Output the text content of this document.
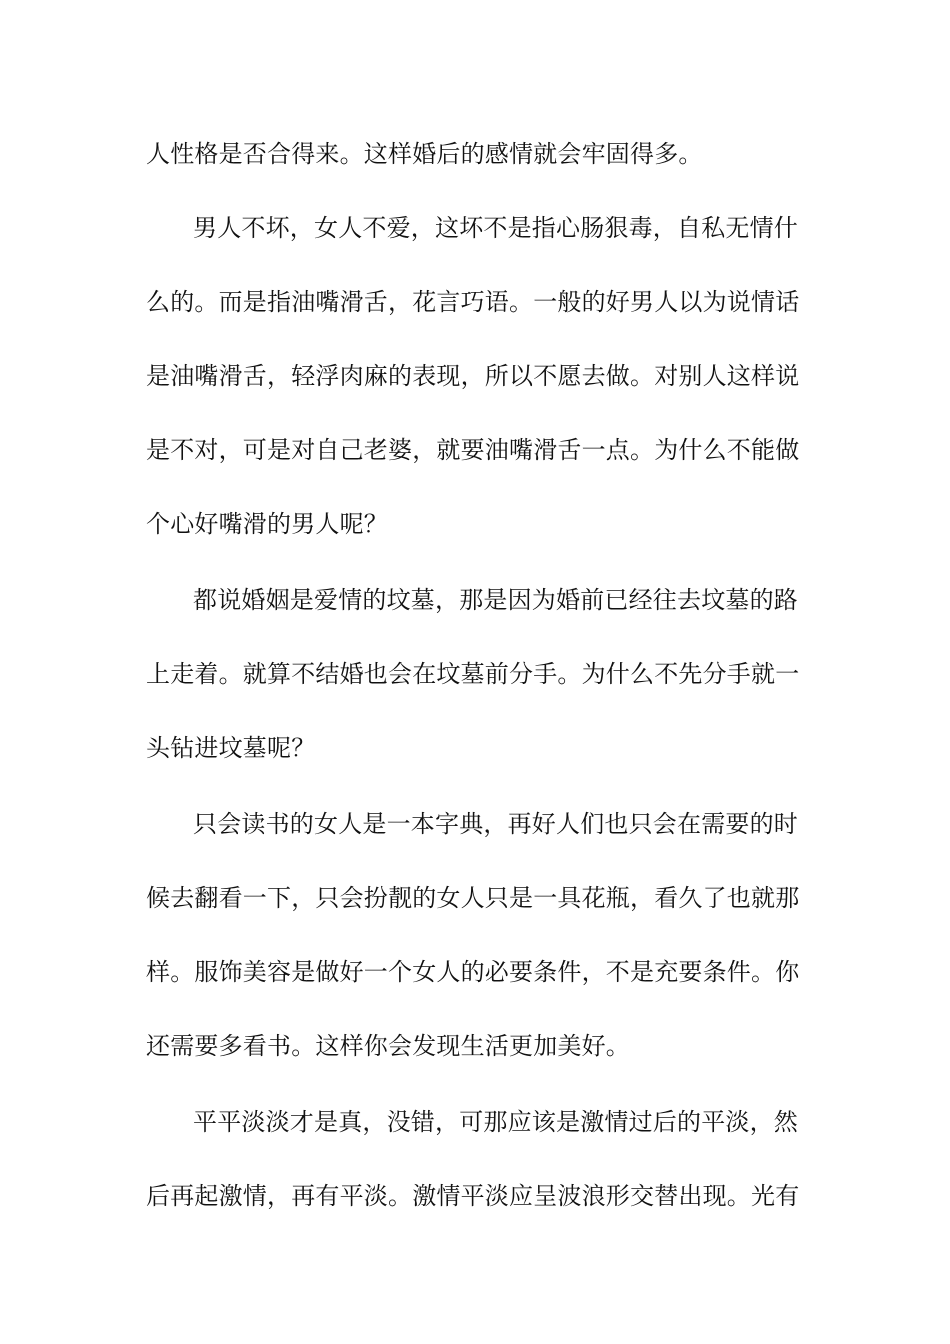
人性格是否合得来。这样婚后的感情就会牢固得多。
男人不坏，女人不爱，这坏不是指心肠狠毒，自私无情什
么的。而是指油嘴滑舌，花言巧语。一般的好男人以为说情话
是油嘴滑舌，轻浮肉麻的表现，所以不愿去做。对别人这样说
是不对，可是对自己老婆，就要油嘴滑舌一点。为什么不能做
个心好嘴滑的男人呢？
都说婚姻是爱情的坟墓，那是因为婚前已经往去坟墓的路
上走着。就算不结婚也会在坟墓前分手。为什么不先分手就一
头钻进坟墓呢？
只会读书的女人是一本字典，再好人们也只会在需要的时
候去翻看一下，只会扮靓的女人只是一具花瓶，看久了也就那
样。服饰美容是做好一个女人的必要条件，不是充要条件。你
还需要多看书。这样你会发现生活更加美好。
平平淡淡才是真，没错，可那应该是激情过后的平淡，然
后再起激情，再有平淡。激情平淡应呈波浪形交替出现。光有
